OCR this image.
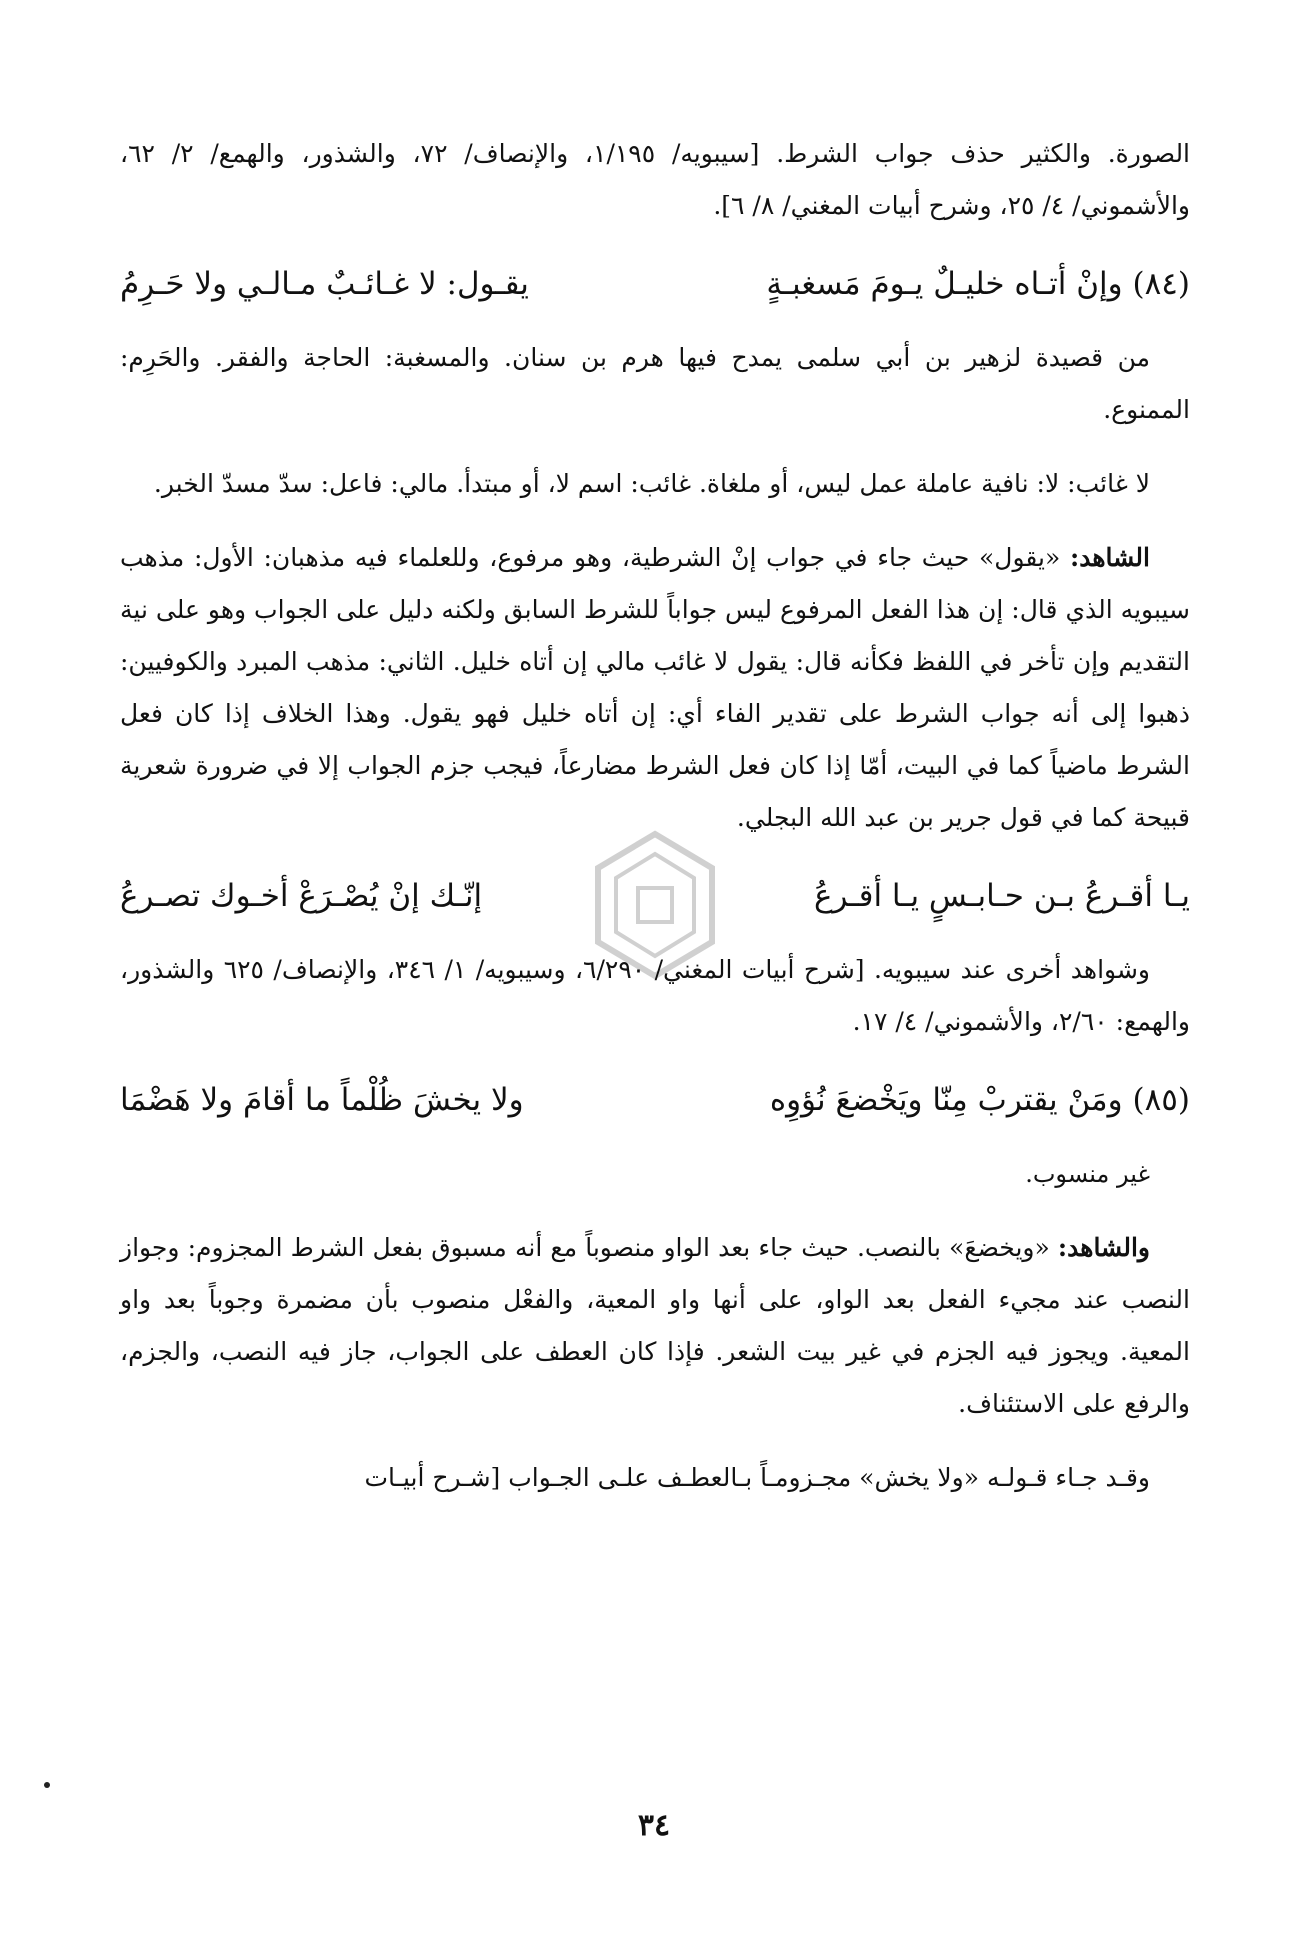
الصورة. والكثير حذف جواب الشرط. [سيبويه/ ١/١٩٥، والإنصاف/ ٧٢، والشذور، والهمع/ ٢/ ٦٢، والأشموني/ ٤/ ٢٥، وشرح أبيات المغني/ ٨/ ٦].

(٨٤) وإنْ أتـاه خليـلٌ يـومَ مَسغبـةٍ
يقـول: لا غـائـبٌ مـالـي ولا حَـرِمُ

من قصيدة لزهير بن أبي سلمى يمدح فيها هرم بن سنان. والمسغبة: الحاجة والفقر. والحَرِم: الممنوع.

لا غائب: لا: نافية عاملة عمل ليس، أو ملغاة. غائب: اسم لا، أو مبتدأ. مالي: فاعل: سدّ مسدّ الخبر.

الشاهد: «يقول» حيث جاء في جواب إنْ الشرطية، وهو مرفوع، وللعلماء فيه مذهبان: الأول: مذهب سيبويه الذي قال: إن هذا الفعل المرفوع ليس جواباً للشرط السابق ولكنه دليل على الجواب وهو على نية التقديم وإن تأخر في اللفظ فكأنه قال: يقول لا غائب مالي إن أتاه خليل. الثاني: مذهب المبرد والكوفيين: ذهبوا إلى أنه جواب الشرط على تقدير الفاء أي: إن أتاه خليل فهو يقول. وهذا الخلاف إذا كان فعل الشرط ماضياً كما في البيت، أمّا إذا كان فعل الشرط مضارعاً، فيجب جزم الجواب إلا في ضرورة شعرية قبيحة كما في قول جرير بن عبد الله البجلي.

يـا أقـرعُ بـن حـابـسٍ يـا أقـرعُ
إنّـك إنْ يُصْـرَعْ أخـوك تصـرعُ

وشواهد أخرى عند سيبويه. [شرح أبيات المغني/ ٦/٢٩٠، وسيبويه/ ١/ ٣٤٦، والإنصاف/ ٦٢٥ والشذور، والهمع: ٢/٦٠، والأشموني/ ٤/ ١٧.

(٨٥) ومَنْ يقتربْ مِنّا ويَخْضعَ نُؤوِه
ولا يخشَ ظُلْماً ما أقامَ ولا هَضْمَا

غير منسوب.

والشاهد: «ويخضعَ» بالنصب. حيث جاء بعد الواو منصوباً مع أنه مسبوق بفعل الشرط المجزوم: وجواز النصب عند مجيء الفعل بعد الواو، على أنها واو المعية، والفعْل منصوب بأن مضمرة وجوباً بعد واو المعية. ويجوز فيه الجزم في غير بيت الشعر. فإذا كان العطف على الجواب، جاز فيه النصب، والجزم، والرفع على الاستئناف.

وقـد جـاء قـولـه «ولا يخش» مجـزومـاً بـالعطـف علـى الجـواب [شـرح أبيـات

٣٤
